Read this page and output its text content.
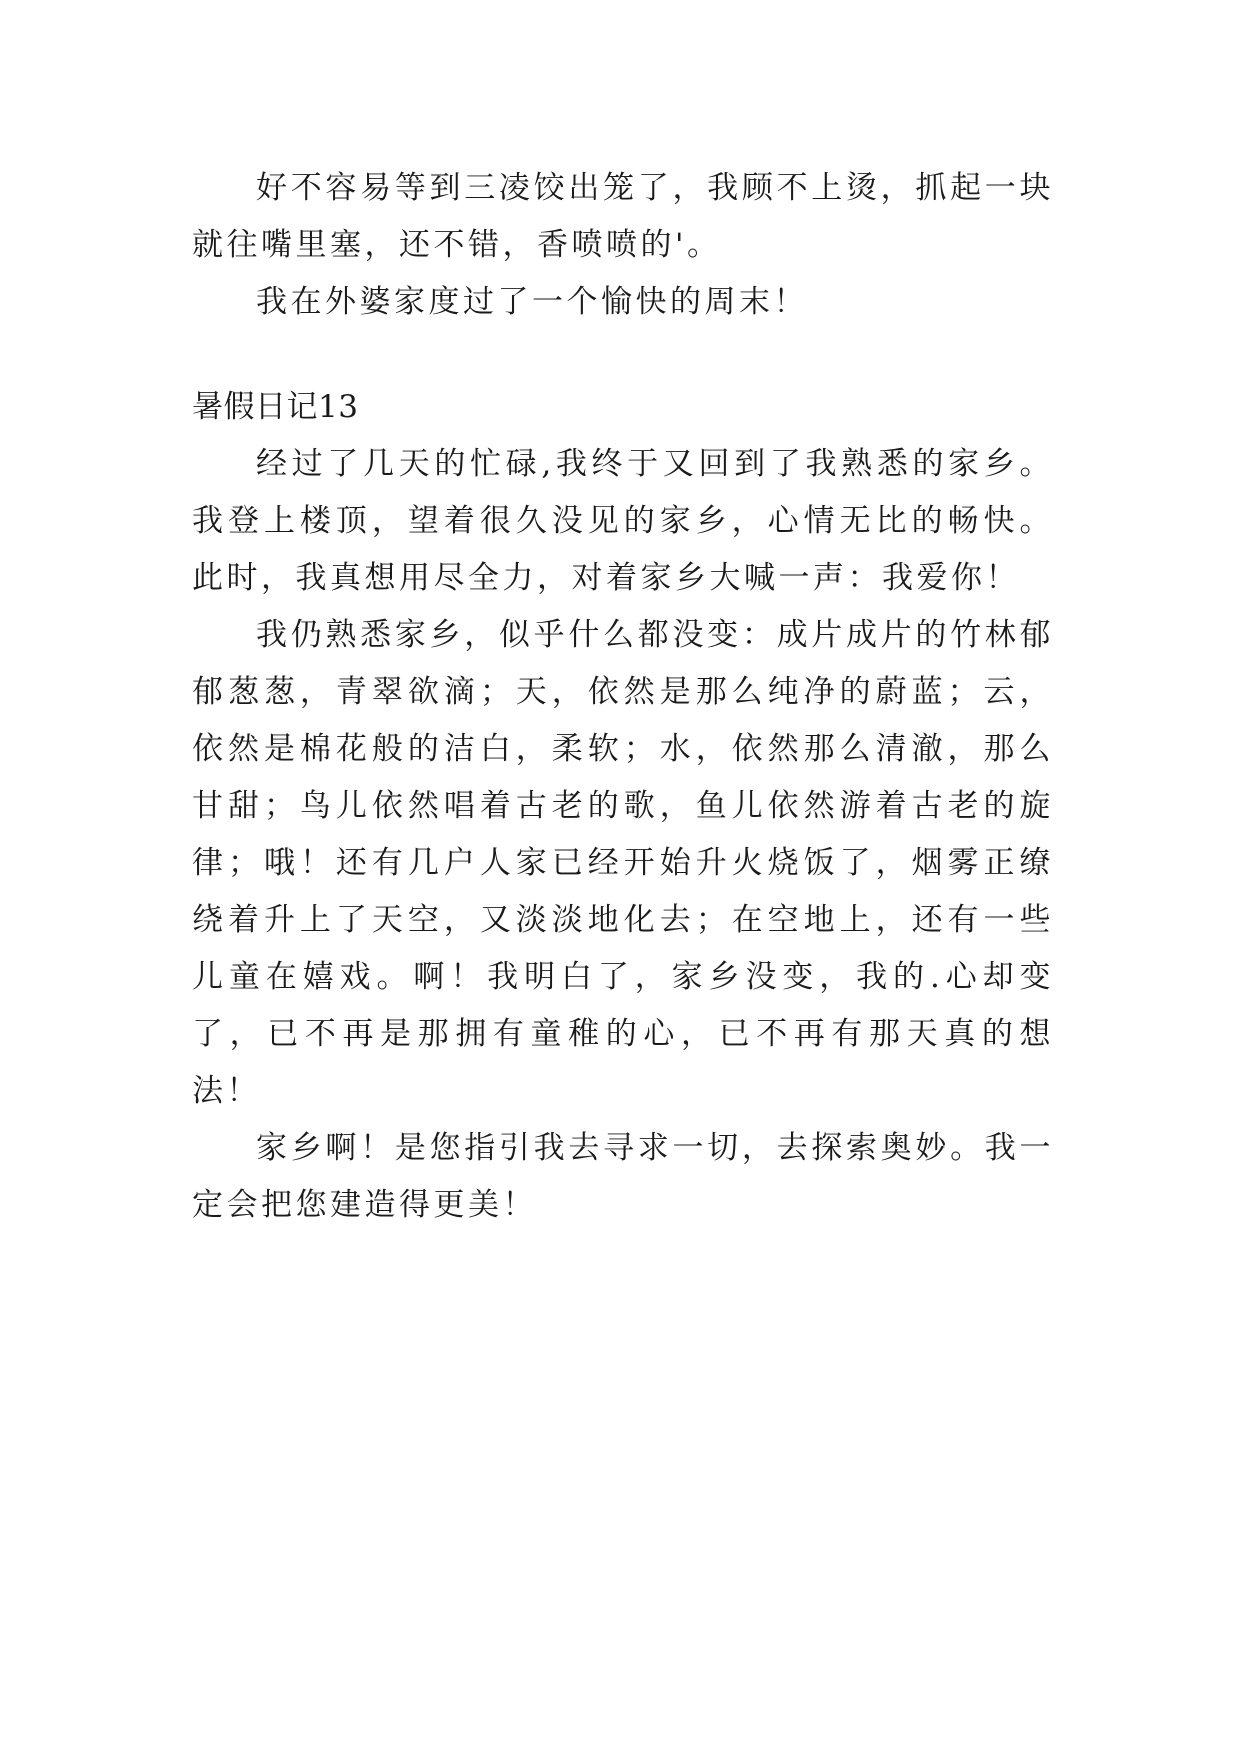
好不容易等到三凌饺出笼了，我顾不上烫，抓起一块就往嘴里塞，还不错，香喷喷的'。

我在外婆家度过了一个愉快的周末！

暑假日记13

经过了几天的忙碌,我终于又回到了我熟悉的家乡。我登上楼顶，望着很久没见的家乡，心情无比的畅快。此时，我真想用尽全力，对着家乡大喊一声：我爱你！

我仍熟悉家乡，似乎什么都没变：成片成片的竹林郁郁葱葱，青翠欲滴；天，依然是那么纯净的蔚蓝；云，依然是棉花般的洁白，柔软；水，依然那么清澈，那么甘甜；鸟儿依然唱着古老的歌，鱼儿依然游着古老的旋律；哦！还有几户人家已经开始升火烧饭了，烟雾正缭绕着升上了天空，又淡淡地化去；在空地上，还有一些儿童在嬉戏。啊！我明白了，家乡没变，我的.心却变了，已不再是那拥有童稚的心，已不再有那天真的想法！

家乡啊！是您指引我去寻求一切，去探索奥妙。我一定会把您建造得更美！
